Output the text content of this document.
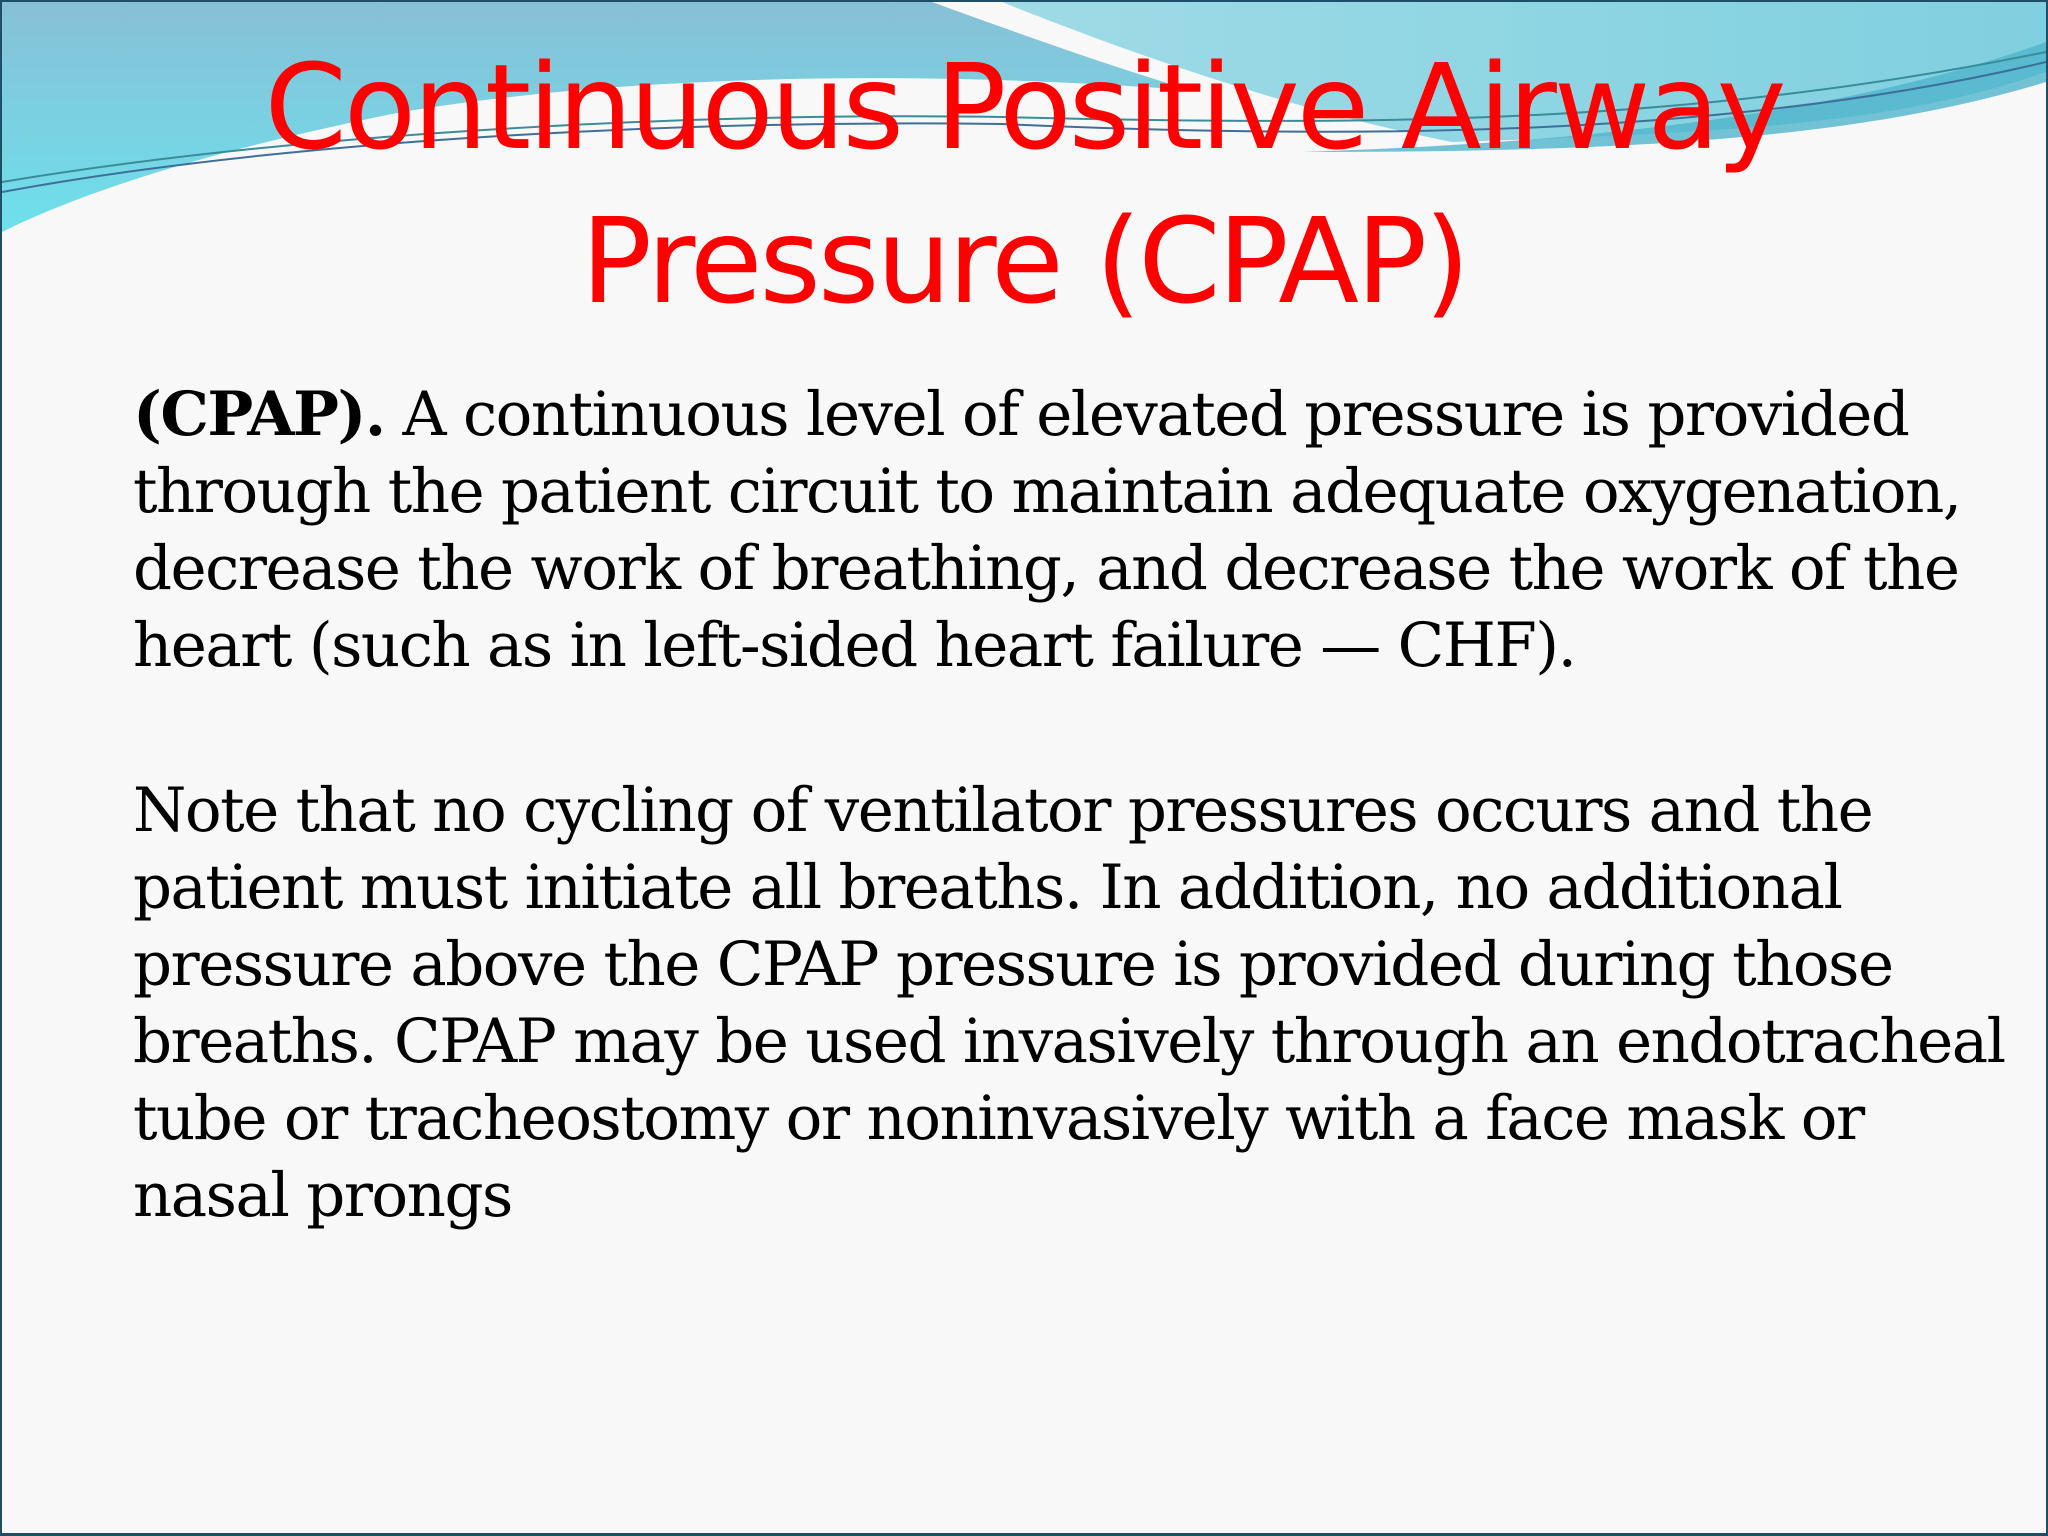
Continuous Positive Airway
Pressure (CPAP)

(CPAP). A continuous level of elevated pressure is provided through the patient circuit to maintain adequate oxygenation, decrease the work of breathing, and decrease the work of the heart (such as in left-sided heart failure — CHF).

Note that no cycling of ventilator pressures occurs and the patient must initiate all breaths. In addition, no additional pressure above the CPAP pressure is provided during those breaths. CPAP may be used invasively through an endotracheal tube or tracheostomy or noninvasively with a face mask or nasal prongs
